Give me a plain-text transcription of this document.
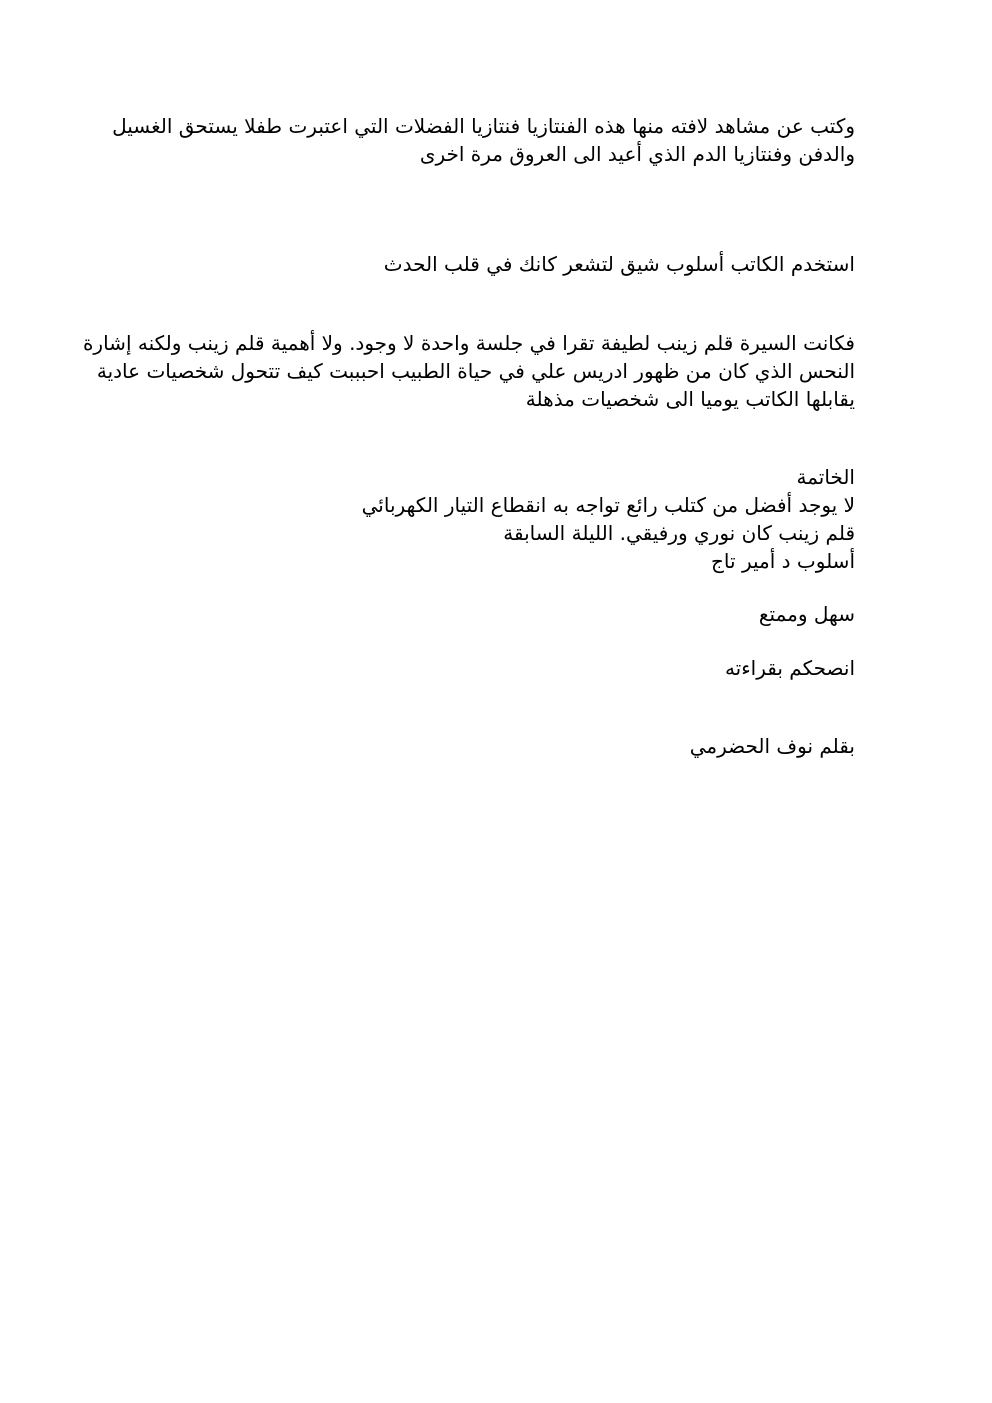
وكتب عن مشاهد لافته منها هذه الفنتازيا فنتازيا الفضلات التي اعتبرت طفلا يستحق الغسيل
والدفن وفنتازيا الدم الذي أعيد الى العروق مرة اخرى
استخدم الكاتب أسلوب شيق لتشعر كانك في قلب الحدث
فكانت السيرة قلم زينب لطيفة تقرا في جلسة واحدة لا وجود. ولا أهمية قلم زينب ولكنه إشارة
النحس الذي كان من ظهور ادريس علي في حياة الطبيب احبببت كيف تتحول شخصيات عادية
يقابلها الكاتب يوميا الى شخصيات مذهلة
الخاتمة
لا يوجد أفضل من كتلب رائع تواجه به انقطاع التيار الكهربائي
قلم زينب كان نوري ورفيقي. الليلة السابقة
أسلوب د أمير تاج
سهل وممتع
انصحكم بقراءته
بقلم نوف الحضرمي
